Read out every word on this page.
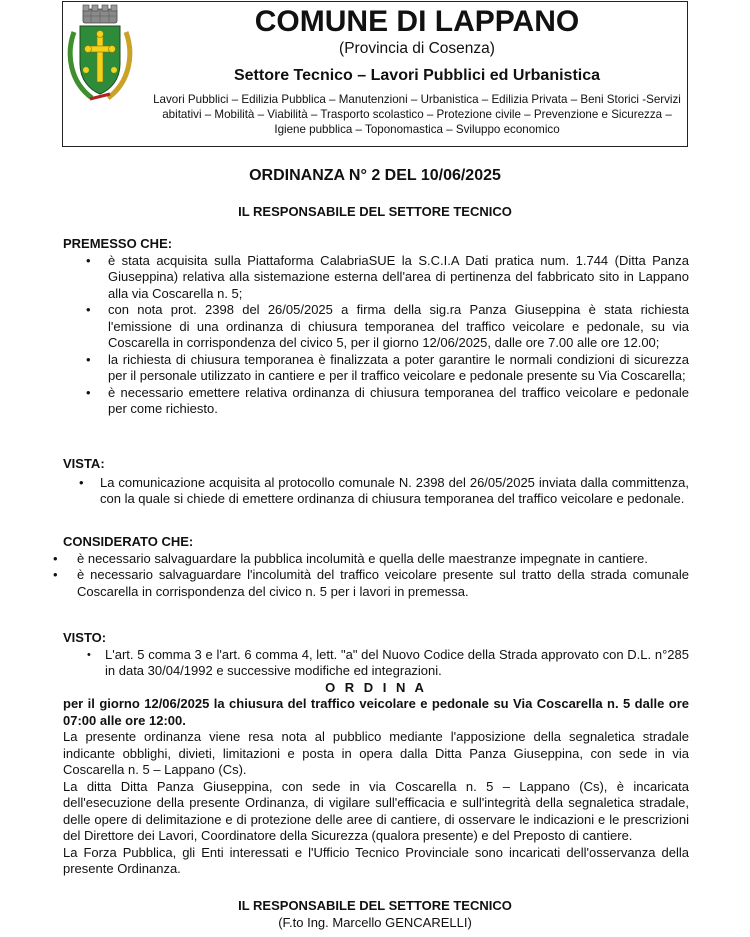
COMUNE DI LAPPANO
(Provincia di Cosenza)
Settore Tecnico – Lavori Pubblici ed Urbanistica
Lavori Pubblici – Edilizia Pubblica – Manutenzioni – Urbanistica – Edilizia Privata – Beni Storici -Servizi abitativi – Mobilità – Viabilità – Trasporto scolastico – Protezione civile – Prevenzione e Sicurezza – Igiene pubblica – Toponomastica – Sviluppo economico
ORDINANZA N° 2 DEL 10/06/2025
IL RESPONSABILE DEL SETTORE TECNICO
PREMESSO CHE:
• è stata acquisita sulla Piattaforma CalabriaSUE la S.C.I.A Dati pratica num. 1.744 (Ditta Panza Giuseppina) relativa alla sistemazione esterna dell'area di pertinenza del fabbricato sito in Lappano alla via Coscarella n. 5;
• con nota prot. 2398 del 26/05/2025 a firma della sig.ra Panza Giuseppina è stata richiesta l'emissione di una ordinanza di chiusura temporanea del traffico veicolare e pedonale, su via Coscarella in corrispondenza del civico 5, per il giorno 12/06/2025, dalle ore 7.00 alle ore 12.00;
• la richiesta di chiusura temporanea è finalizzata a poter garantire le normali condizioni di sicurezza per il personale utilizzato in cantiere e per il traffico veicolare e pedonale presente su Via Coscarella;
• è necessario emettere relativa ordinanza di chiusura temporanea del traffico veicolare e pedonale per come richiesto.
VISTA:
• La comunicazione acquisita al protocollo comunale N. 2398 del 26/05/2025 inviata dalla committenza, con la quale si chiede di emettere ordinanza di chiusura temporanea del traffico veicolare e pedonale.
CONSIDERATO CHE:
• è necessario salvaguardare la pubblica incolumità e quella delle maestranze impegnate in cantiere.
• è necessario salvaguardare l'incolumità del traffico veicolare presente sul tratto della strada comunale Coscarella in corrispondenza del civico n. 5 per i lavori in premessa.
VISTO:
• L'art. 5 comma 3 e l'art. 6 comma 4, lett. "a" del Nuovo Codice della Strada approvato con D.L. n°285 in data 30/04/1992 e successive modifiche ed integrazioni.
O R D I N A
per il giorno 12/06/2025 la chiusura del traffico veicolare e pedonale su Via Coscarella n. 5 dalle ore 07:00 alle ore 12:00.

La presente ordinanza viene resa nota al pubblico mediante l'apposizione della segnaletica stradale indicante obblighi, divieti, limitazioni e posta in opera dalla Ditta Panza Giuseppina, con sede in via Coscarella n. 5 – Lappano (Cs).

La ditta Ditta Panza Giuseppina, con sede in via Coscarella n. 5 – Lappano (Cs), è incaricata dell'esecuzione della presente Ordinanza, di vigilare sull'efficacia e sull'integrità della segnaletica stradale, delle opere di delimitazione e di protezione delle aree di cantiere, di osservare le indicazioni e le prescrizioni del Direttore dei Lavori, Coordinatore della Sicurezza (qualora presente) e del Preposto di cantiere.

La Forza Pubblica, gli Enti interessati e l'Ufficio Tecnico Provinciale sono incaricati dell'osservanza della presente Ordinanza.

IL RESPONSABILE DEL SETTORE TECNICO
(F.to Ing. Marcello GENCARELLI)
